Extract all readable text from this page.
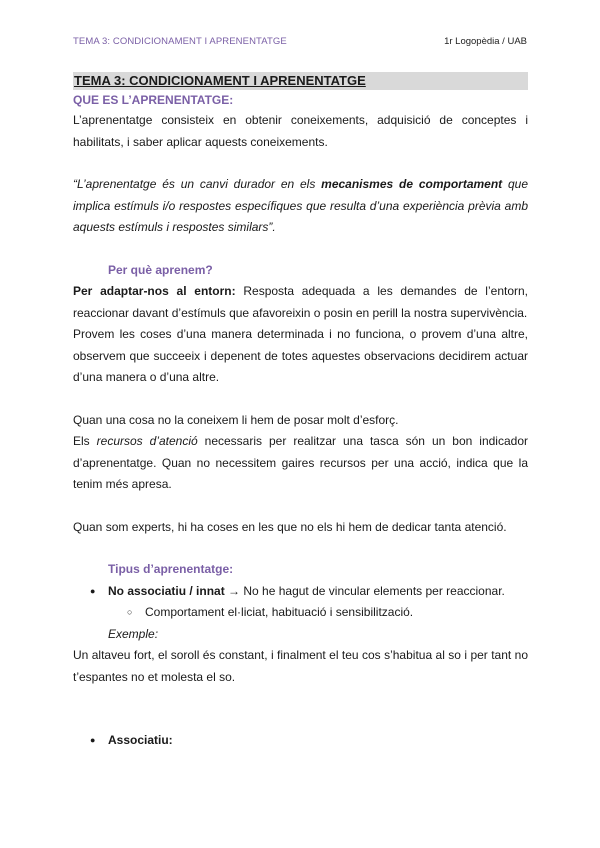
TEMA 3: CONDICIONAMENT I APRENENTATGE	1r Logopèdia / UAB
TEMA 3: CONDICIONAMENT I APRENENTATGE
QUE ES L’APRENENTATGE:

L’aprenentatge consisteix en obtenir coneixements, adquisició de conceptes i habilitats, i saber aplicar aquests coneixements.

“L’aprenentatge és un canvi durador en els mecanismes de comportament que implica estímuls i/o respostes específiques que resulta d’una experiència prèvia amb aquests estímuls i respostes similars”.

Per què aprenem?

Per adaptar-nos al entorn: Resposta adequada a les demandes de l’entorn, reaccionar davant d’estímuls que afavoreixin o posin en perill la nostra supervivència.

Provem les coses d’una manera determinada i no funciona, o provem d’una altre, observem que succeeix i depenent de totes aquestes observacions decidirem actuar d’una manera o d’una altre.

Quan una cosa no la coneixem li hem de posar molt d’esforç.

Els recursos d’atenció necessaris per realitzar una tasca són un bon indicador d’aprenentatge. Quan no necessitem gaires recursos per una acció, indica que la tenim més apresa.

Quan som experts, hi ha coses en les que no els hi hem de dedicar tanta atenció.

Tipus d’aprenentatge:
● No associatiu / innat → No he hagut de vincular elements per reaccionar.
○ Comportament el·liciat, habituació i sensibilització.
Exemple:

Un altaveu fort, el soroll és constant, i finalment el teu cos s’habitua al so i per tant no t’espantes no et molesta el so.

● Associatiu:
